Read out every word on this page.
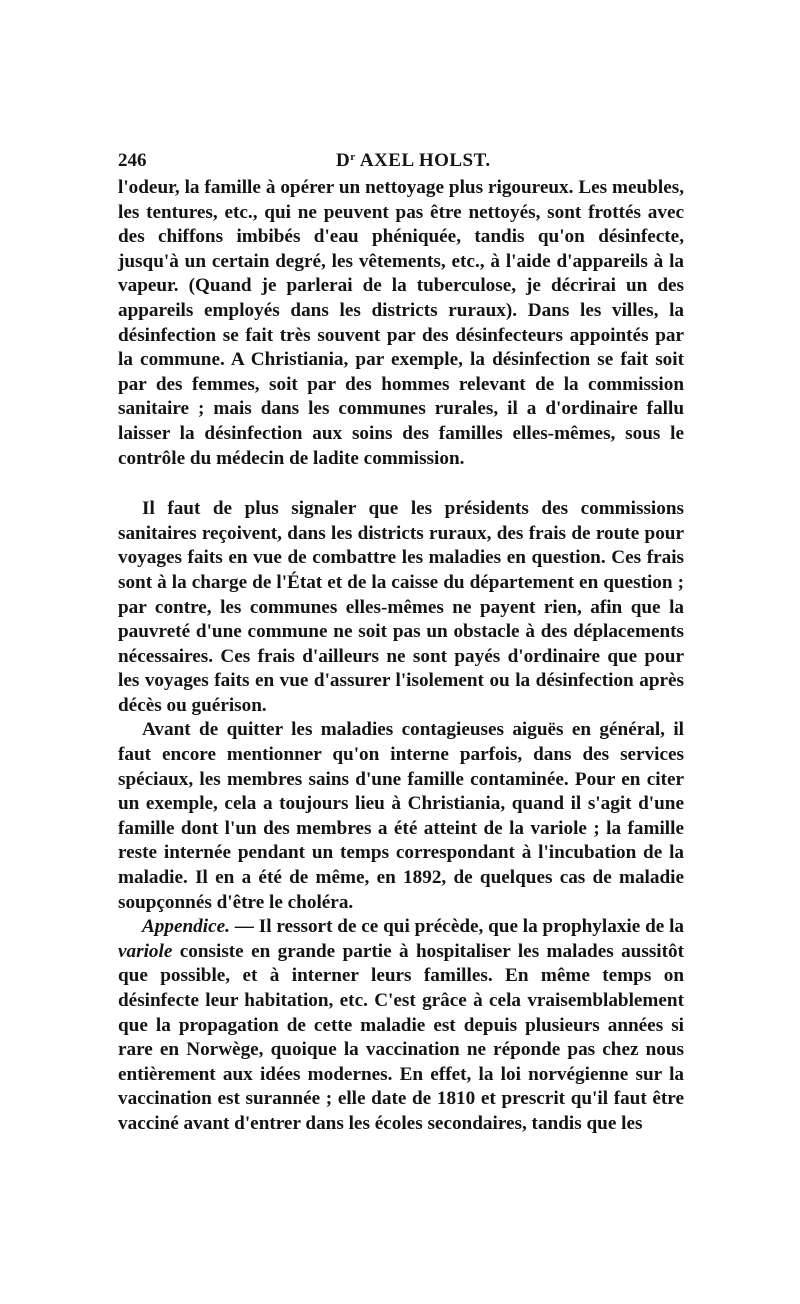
246	$D^r$ AXEL HOLST.

l'odeur, la famille à opérer un nettoyage plus rigoureux. Les meubles, les tentures, etc., qui ne peuvent pas être nettoyés, sont frottés avec des chiffons imbibés d'eau phéniquée, tandis qu'on désinfecte, jusqu'à un certain degré, les vêtements, etc., à l'aide d'appareils à la vapeur. (Quand je parlerai de la tuberculose, je décrirai un des appareils employés dans les districts ruraux). Dans les villes, la désinfection se fait très souvent par des désinfecteurs appointés par la commune. A Christiania, par exemple, la désinfection se fait soit par des femmes, soit par des hommes relevant de la commission sanitaire ; mais dans les communes rurales, il a d'ordinaire fallu laisser la désinfection aux soins des familles elles-mêmes, sous le contrôle du médecin de ladite commission.

Il faut de plus signaler que les présidents des commissions sanitaires reçoivent, dans les districts ruraux, des frais de route pour voyages faits en vue de combattre les maladies en question. Ces frais sont à la charge de l'État et de la caisse du département en question ; par contre, les communes elles-mêmes ne payent rien, afin que la pauvreté d'une commune ne soit pas un obstacle à des déplacements nécessaires. Ces frais d'ailleurs ne sont payés d'ordinaire que pour les voyages faits en vue d'assurer l'isolement ou la désinfection après décès ou guérison.

Avant de quitter les maladies contagieuses aiguës en général, il faut encore mentionner qu'on interne parfois, dans des services spéciaux, les membres sains d'une famille contaminée. Pour en citer un exemple, cela a toujours lieu à Christiania, quand il s'agit d'une famille dont l'un des membres a été atteint de la variole ; la famille reste internée pendant un temps correspondant à l'incubation de la maladie. Il en a été de même, en 1892, de quelques cas de maladie soupçonnés d'être le choléra.

Appendice. — Il ressort de ce qui précède, que la prophylaxie de la variole consiste en grande partie à hospitaliser les malades aussitôt que possible, et à interner leurs familles. En même temps on désinfecte leur habitation, etc. C'est grâce à cela vraisemblablement que la propagation de cette maladie est depuis plusieurs années si rare en Norwège, quoique la vaccination ne réponde pas chez nous entièrement aux idées modernes. En effet, la loi norvégienne sur la vaccination est surannée ; elle date de 1810 et prescrit qu'il faut être vacciné avant d'entrer dans les écoles secondaires, tandis que les
